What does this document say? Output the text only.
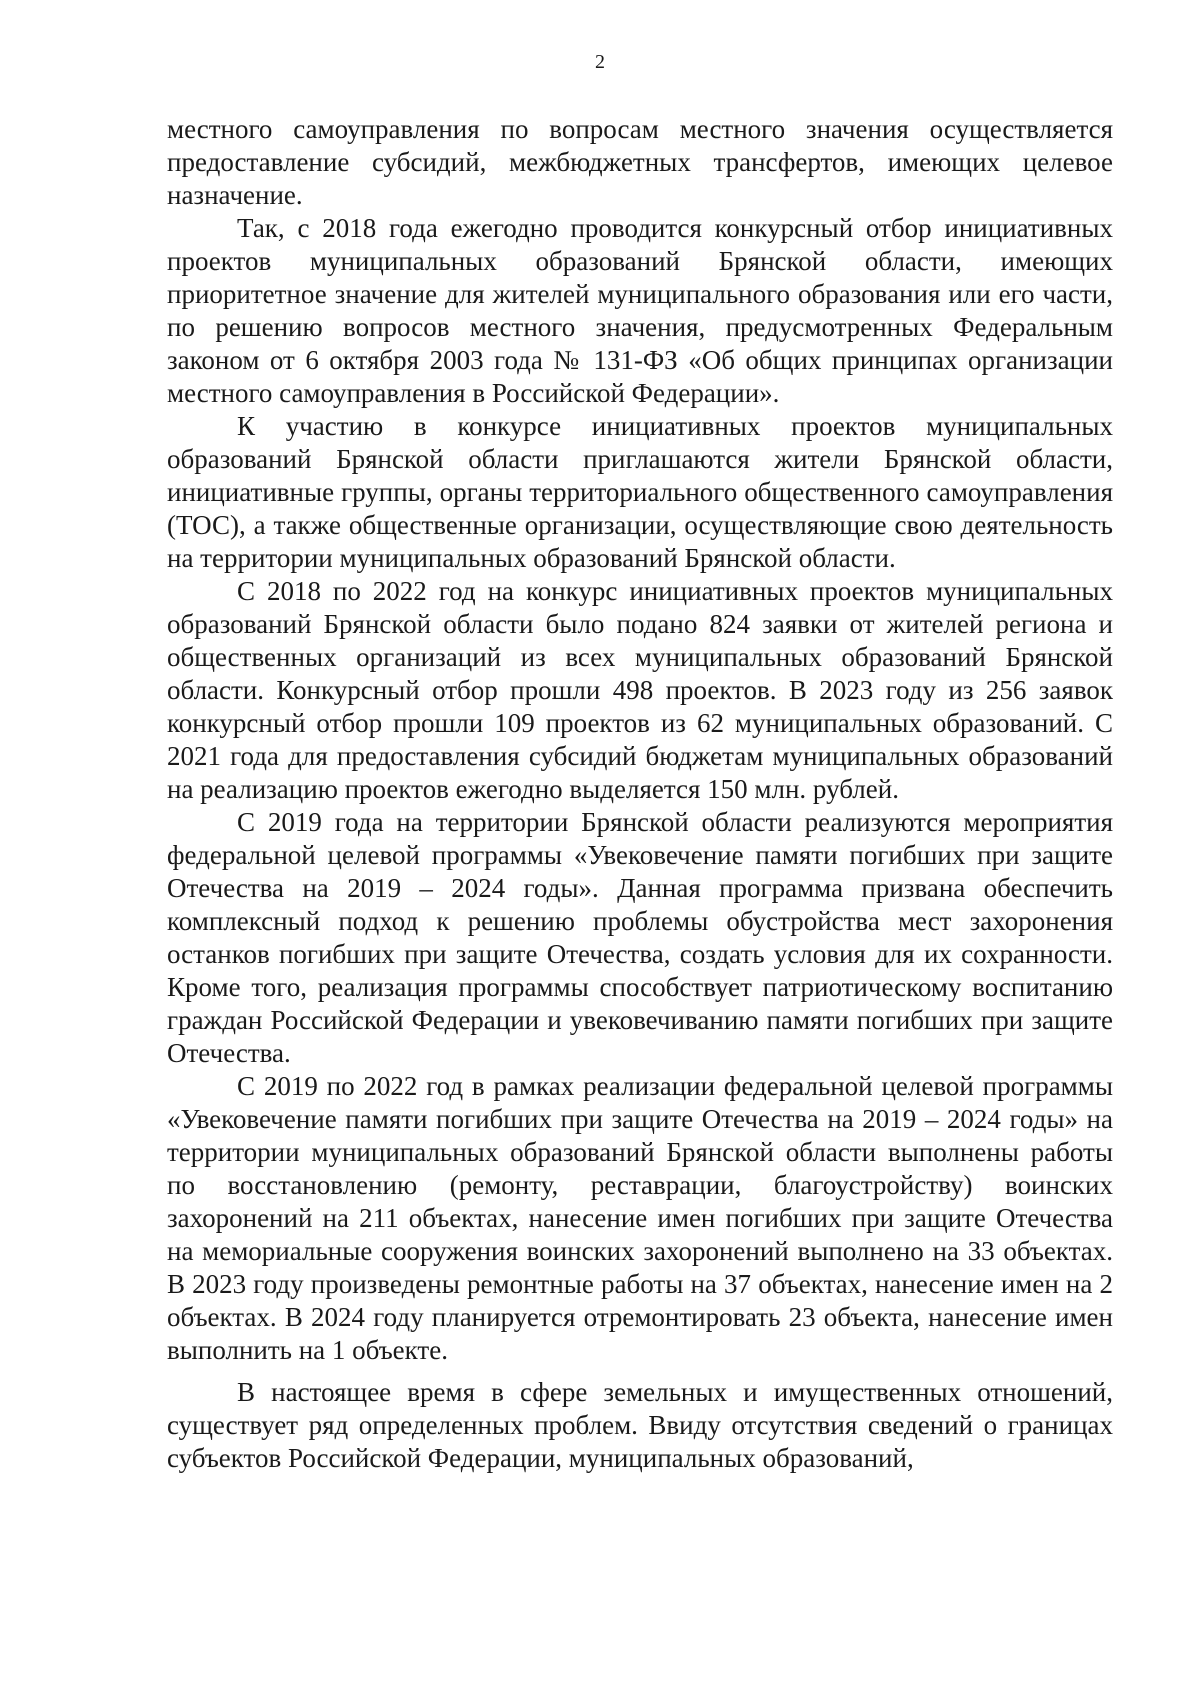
2

местного самоуправления по вопросам местного значения осуществляется предоставление субсидий, межбюджетных трансфертов, имеющих целевое назначение.

Так, с 2018 года ежегодно проводится конкурсный отбор инициативных проектов муниципальных образований Брянской области, имеющих приоритетное значение для жителей муниципального образования или его части, по решению вопросов местного значения, предусмотренных Федеральным законом от 6 октября 2003 года № 131-ФЗ «Об общих принципах организации местного самоуправления в Российской Федерации».

К участию в конкурсе инициативных проектов муниципальных образований Брянской области приглашаются жители Брянской области, инициативные группы, органы территориального общественного самоуправления (ТОС), а также общественные организации, осуществляющие свою деятельность на территории муниципальных образований Брянской области.

С 2018 по 2022 год на конкурс инициативных проектов муниципальных образований Брянской области было подано 824 заявки от жителей региона и общественных организаций из всех муниципальных образований Брянской области. Конкурсный отбор прошли 498 проектов. В 2023 году из 256 заявок конкурсный отбор прошли 109 проектов из 62 муниципальных образований. С 2021 года для предоставления субсидий бюджетам муниципальных образований на реализацию проектов ежегодно выделяется 150 млн. рублей.

С 2019 года на территории Брянской области реализуются мероприятия федеральной целевой программы «Увековечение памяти погибших при защите Отечества на 2019 – 2024 годы». Данная программа призвана обеспечить комплексный подход к решению проблемы обустройства мест захоронения останков погибших при защите Отечества, создать условия для их сохранности. Кроме того, реализация программы способствует патриотическому воспитанию граждан Российской Федерации и увековечиванию памяти погибших при защите Отечества.

С 2019 по 2022 год в рамках реализации федеральной целевой программы «Увековечение памяти погибших при защите Отечества на 2019 – 2024 годы» на территории муниципальных образований Брянской области выполнены работы по восстановлению (ремонту, реставрации, благоустройству) воинских захоронений на 211 объектах, нанесение имен погибших при защите Отечества на мемориальные сооружения воинских захоронений выполнено на 33 объектах. В 2023 году произведены ремонтные работы на 37 объектах, нанесение имен на 2 объектах. В 2024 году планируется отремонтировать 23 объекта, нанесение имен выполнить на 1 объекте.

В настоящее время в сфере земельных и имущественных отношений, существует ряд определенных проблем. Ввиду отсутствия сведений о границах субъектов Российской Федерации, муниципальных образований,
